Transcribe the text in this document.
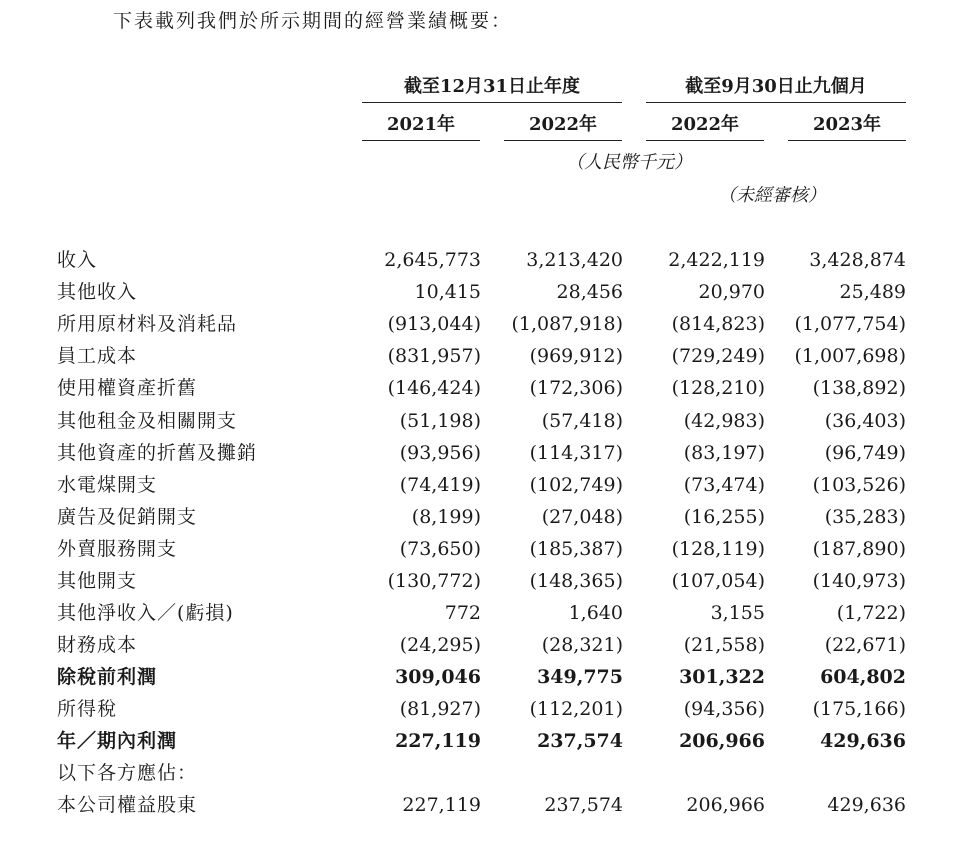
下表載列我們於所示期間的經營業績概要：
截至12月31日止年度	截至9月30日止九個月
2021年	2022年	2022年	2023年
（人民幣千元）
（未經審核）
收入	2,645,773 3,213,420 2,422,119 3,428,874
其他收入	10,415	28,456	20,970	25,489
所用原材料及消耗品	(913,044) (1,087,918)	(814,823) (1,077,754)
員工成本	(831,957)	(969,912)	(729,249) (1,007,698)
使用權資產折舊	(146,424)	(172,306)	(128,210)	(138,892)
其他租金及相關開支	(51,198)	(57,418)	(42,983)	(36,403)
其他資產的折舊及攤銷	(93,956)	(114,317)	(83,197)	(96,749)
水電煤開支	(74,419)	(102,749)	(73,474)	(103,526)
廣告及促銷開支	(8,199)	(27,048)	(16,255)	(35,283)
外賣服務開支	(73,650)	(185,387)	(128,119)	(187,890)
其他開支	(130,772)	(148,365)	(107,054)	(140,973)
其他淨收入／(虧損)	772	1,640	3,155	(1,722)
財務成本	(24,295)	(28,321)	(21,558)	(22,671)
除稅前利潤	309,046	349,775	301,322	604,802
所得稅	(81,927)	(112,201)	(94,356)	(175,166)
年／期內利潤	227,119	237,574	206,966	429,636
以下各方應佔：
本公司權益股東	227,119	237,574	206,966	429,636
